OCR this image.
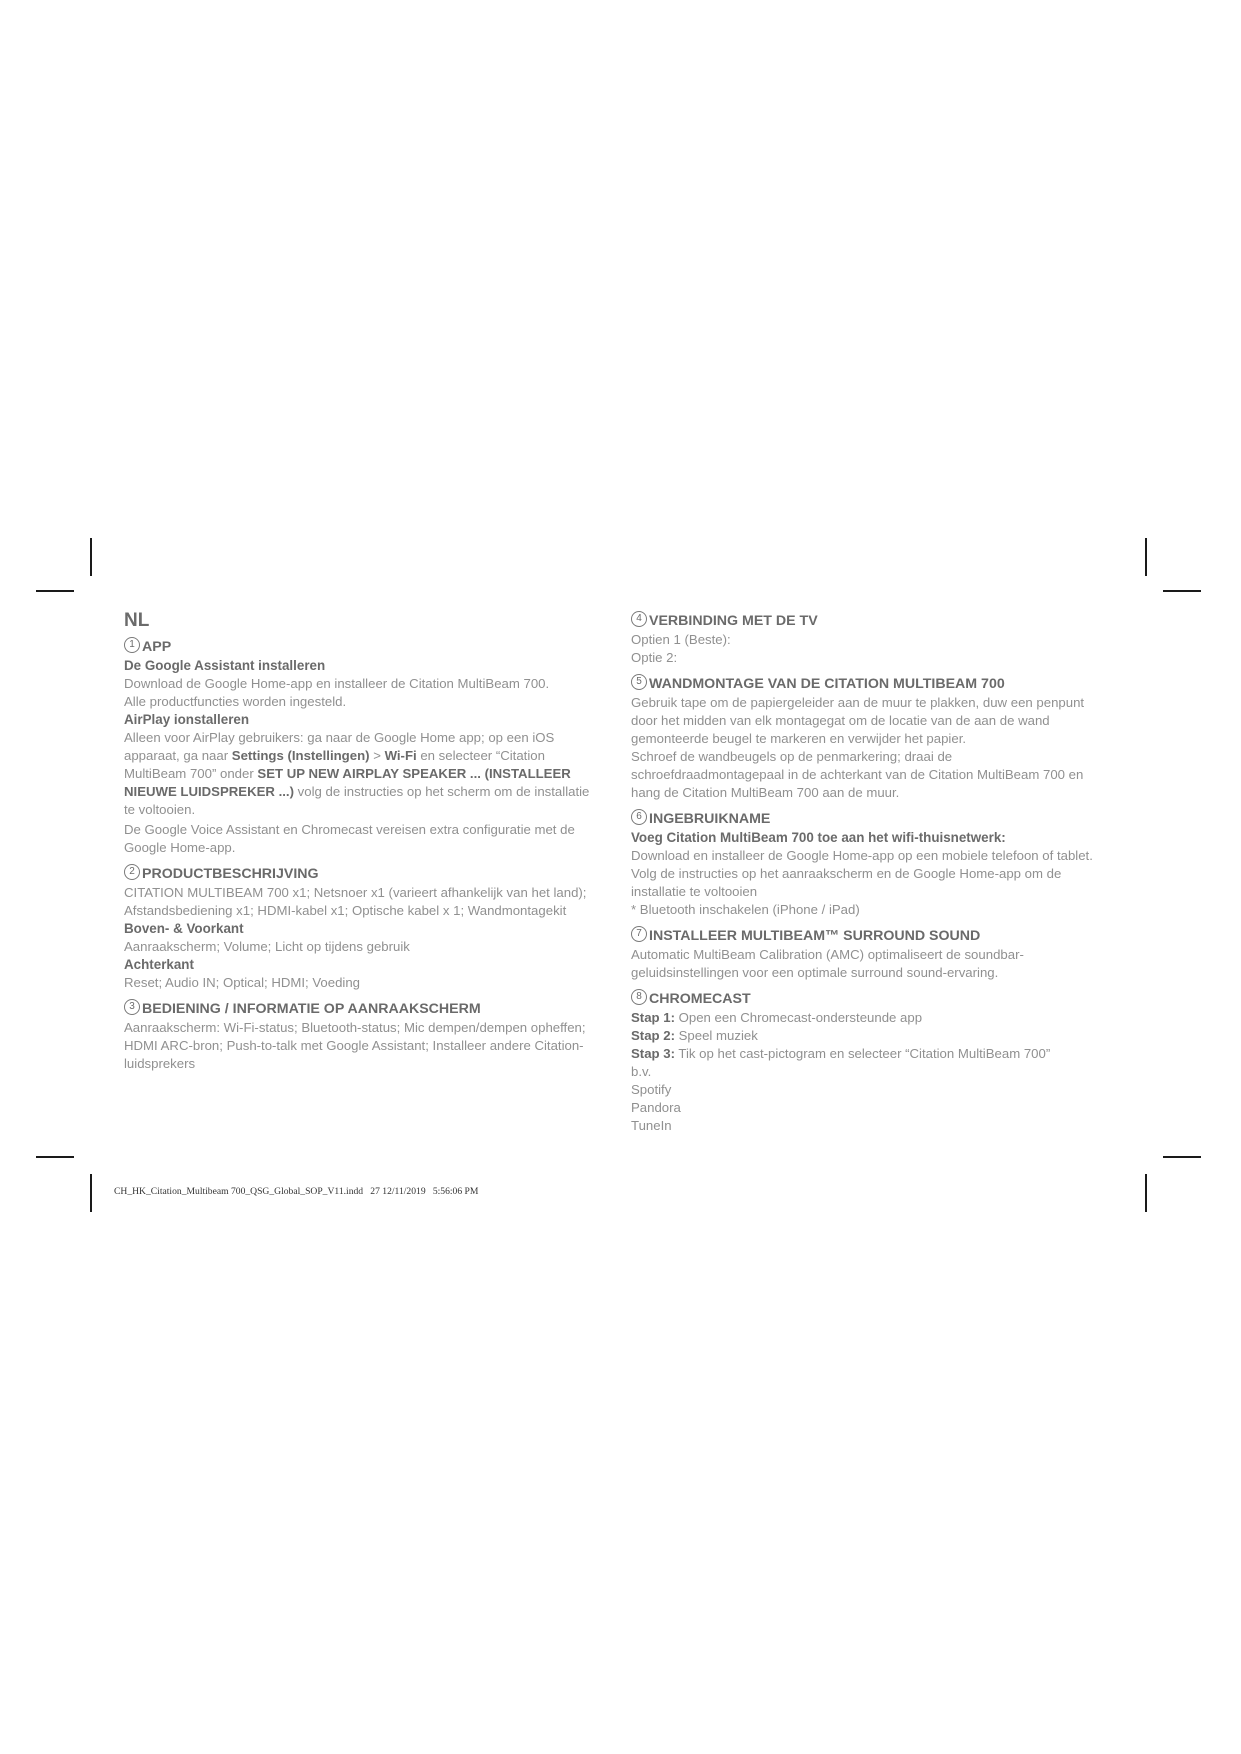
NL
1 APP
De Google Assistant installeren
Download de Google Home-app en installeer de Citation MultiBeam 700.
Alle productfuncties worden ingesteld.
AirPlay ionstalleren
Alleen voor AirPlay gebruikers: ga naar de Google Home app; op een iOS
apparaat, ga naar Settings (Instellingen) > Wi-Fi en selecteer “Citation
MultiBeam 700” onder SET UP NEW AIRPLAY SPEAKER ... (INSTALLEER
NIEUWE LUIDSPREKER ...) volg de instructies op het scherm om de installatie
te voltooien.
De Google Voice Assistant en Chromecast vereisen extra configuratie met de
Google Home-app.
2 PRODUCTBESCHRIJVING
CITATION MULTIBEAM 700 x1; Netsnoer x1 (varieert afhankelijk van het land);
Afstandsbediening x1; HDMI-kabel x1; Optische kabel x 1; Wandmontagekit
Boven- & Voorkant
Aanraakscherm; Volume; Licht op tijdens gebruik
Achterkant
Reset; Audio IN; Optical; HDMI; Voeding
3 BEDIENING / INFORMATIE OP AANRAAKSCHERM
Aanraakscherm: Wi-Fi-status; Bluetooth-status; Mic dempen/dempen opheffen;
HDMI ARC-bron; Push-to-talk met Google Assistant; Installeer andere Citation-
luidsprekers
4 VERBINDING MET DE TV
Optien 1 (Beste):
Optie 2:
5 WANDMONTAGE VAN DE CITATION MULTIBEAM 700
Gebruik tape om de papiergeleider aan de muur te plakken, duw een penpunt
door het midden van elk montagegat om de locatie van de aan de wand
gemonteerde beugel te markeren en verwijder het papier.
Schroef de wandbeugels op de penmarkering; draai de
schroefdraadmontagepaal in de achterkant van de Citation MultiBeam 700 en
hang de Citation MultiBeam 700 aan de muur.
6 INGEBRUIKNAME
Voeg Citation MultiBeam 700 toe aan het wifi-thuisnetwerk:
Download en installeer de Google Home-app op een mobiele telefoon of tablet.
Volg de instructies op het aanraakscherm en de Google Home-app om de
installatie te voltooien
* Bluetooth inschakelen (iPhone / iPad)
7 INSTALLEER MULTIBEAM™ SURROUND SOUND
Automatic MultiBeam Calibration (AMC) optimaliseert de soundbar-
geluidsinstellingen voor een optimale surround sound-ervaring.
8 CHROMECAST
Stap 1: Open een Chromecast-ondersteunde app
Stap 2: Speel muziek
Stap 3: Tik op het cast-pictogram en selecteer “Citation MultiBeam 700”
b.v.
Spotify
Pandora
TuneIn
CH_HK_Citation_Multibeam 700_QSG_Global_SOP_V11.indd   27 12/11/2019   5:56:06 PM
